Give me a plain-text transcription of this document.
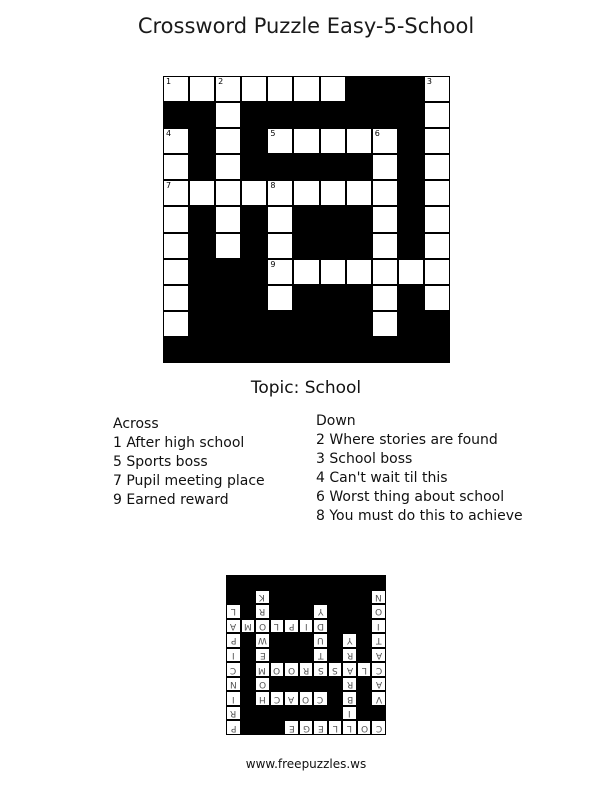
Crossword Puzzle Easy-5-School
1	2	3
4	5	6
7	8
9
Topic: School
Across
1 After high school
5 Sports boss
7 Pupil meeting place
9 Earned reward
Down
2 Where stories are found
3 School boss
4 Can't wait til this
6 Worst thing about school
8 You must do this to achieve
K	N
L	R	Y	O
A M O L P I D	I
P W	U	Y	T
I	E	T	R	A
C M O O R S S A L C
N O	R	A
I	H C A O C	B	V
R	I
P	E G E L L O C
www.freepuzzles.ws
